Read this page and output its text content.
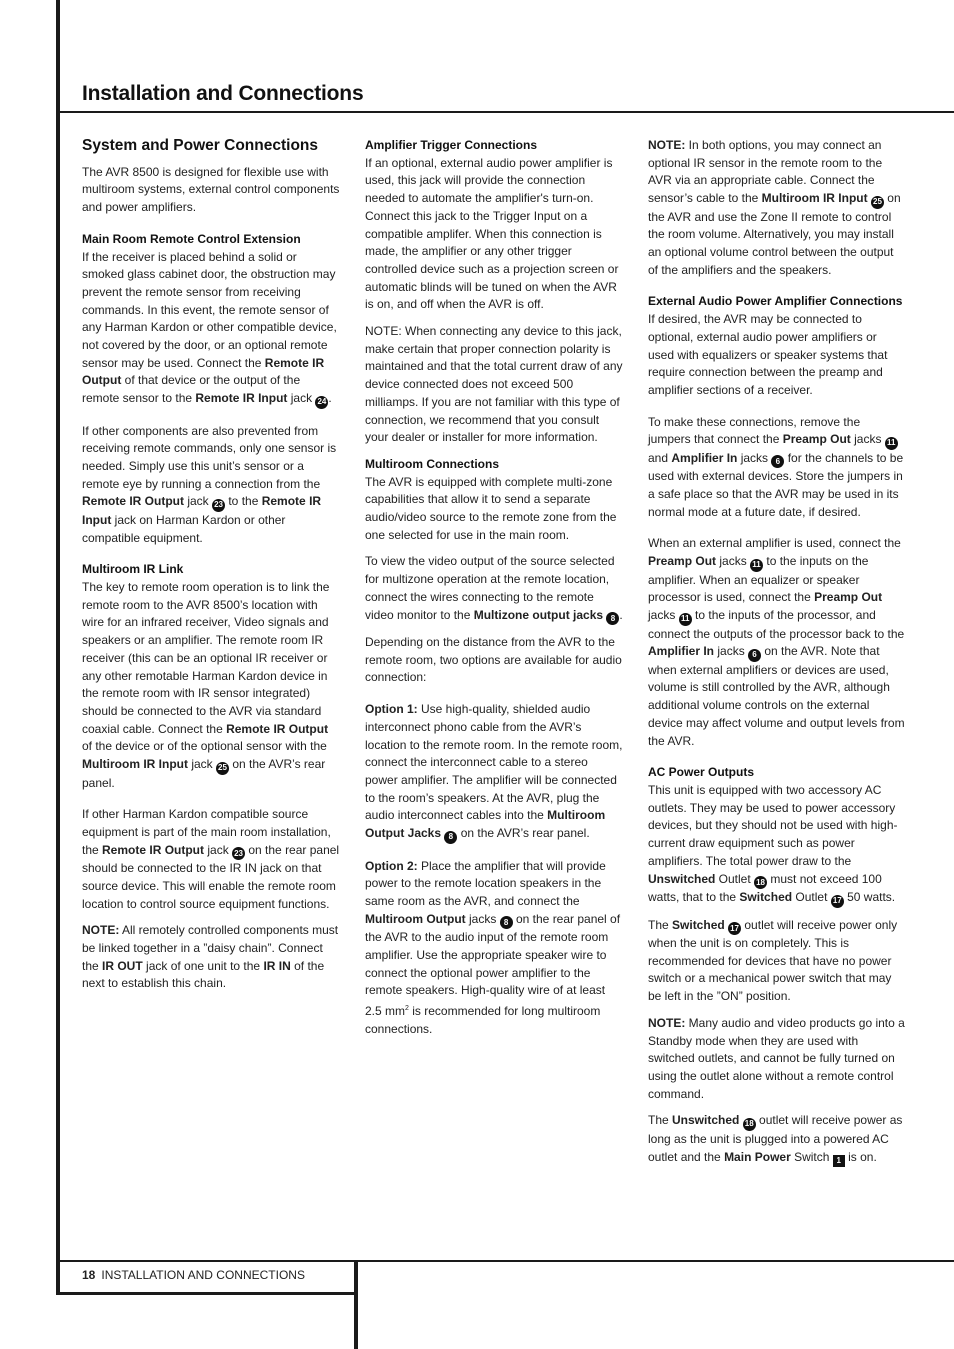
Installation and Connections
System and Power Connections

The AVR 8500 is designed for flexible use with multiroom systems, external control components and power amplifiers.

Main Room Remote Control Extension

If the receiver is placed behind a solid or smoked glass cabinet door, the obstruction may prevent the remote sensor from receiving commands. In this event, the remote sensor of any Harman Kardon or other compatible device, not covered by the door, or an optional remote sensor may be used. Connect the Remote IR Output of that device or the output of the remote sensor to the Remote IR Input jack 24 .

If other components are also prevented from receiving remote commands, only one sensor is needed. Simply use this unit’s sensor or a remote eye by running a connection from the Remote IR Output jack 23 to the Remote IR Input jack on Harman Kardon or other compatible equipment.

Multiroom IR Link

The key to remote room operation is to link the remote room to the AVR 8500’s location with wire for an infrared receiver, Video signals and speakers or an amplifier. The remote room IR receiver (this can be an optional IR receiver or any other remotable Harman Kardon device in the remote room with IR sensor integrated) should be connected to the AVR via standard coaxial cable. Connect the Remote IR Output of the device or of the optional sensor with the Multiroom IR Input jack 25 on the AVR’s rear panel.

If other Harman Kardon compatible source equipment is part of the main room installation, the Remote IR Output jack 23 on the rear panel should be connected to the IR IN jack on that source device. This will enable the remote room location to control source equipment functions.

NOTE: All remotely controlled components must be linked together in a ”daisy chain”. Connect the IR OUT jack of one unit to the IR IN of the next to establish this chain.

Amplifier Trigger Connections

If an optional, external audio power amplifier is used, this jack will provide the connection needed to automate the amplifier's turn-on. Connect this jack to the Trigger Input on a compatible amplifer. When this connection is made, the amplifier or any other trigger controlled device such as a projection screen or automatic blinds will be tuned on when the AVR is on, and off when the AVR is off.

NOTE: When connecting any device to this jack, make certain that proper connection polarity is maintained and that the total current draw of any device connected does not exceed 500 milliamps. If you are not familiar with this type of connection, we recommend that you consult your dealer or installer for more information.

Multiroom Connections

The AVR is equipped with complete multi-zone capabilities that allow it to send a separate audio/video source to the remote zone from the one selected for use in the main room.

To view the video output of the source selected for multizone operation at the remote location, connect the wires connecting to the remote video monitor to the Multizone output jacks 8 .

Depending on the distance from the AVR to the remote room, two options are available for audio connection:

Option 1: Use high-quality, shielded audio interconnect phono cable from the AVR’s location to the remote room. In the remote room, connect the interconnect cable to a stereo power amplifier. The amplifier will be connected to the room’s speakers. At the AVR, plug the audio interconnect cables into the Multiroom Output Jacks 8 on the AVR’s rear panel.

Option 2: Place the amplifier that will provide power to the remote location speakers in the same room as the AVR, and connect the Multiroom Output jacks 8 on the rear panel of the AVR to the audio input of the remote room amplifier. Use the appropriate speaker wire to connect the optional power amplifier to the remote speakers. High-quality wire of at least 2.5 $mm^2$ is recommended for long multiroom connections.

NOTE: In both options, you may connect an optional IR sensor in the remote room to the AVR via an appropriate cable. Connect the sensor’s cable to the Multiroom IR Input 25 on the AVR and use the Zone II remote to control the room volume. Alternatively, you may install an optional volume control between the output of the amplifiers and the speakers.

External Audio Power Amplifier Connections

If desired, the AVR may be connected to optional, external audio power amplifiers or used with equalizers or speaker systems that require connection between the preamp and amplifier sections of a receiver.

To make these connections, remove the jumpers that connect the Preamp Out jacks 11 and Amplifier In jacks 6 for the channels to be used with external devices. Store the jumpers in a safe place so that the AVR may be used in its normal mode at a future date, if desired.

When an external amplifier is used, connect the Preamp Out jacks 11 to the inputs on the amplifier. When an equalizer or speaker processor is used, connect the Preamp Out jacks 11 to the inputs of the processor, and connect the outputs of the processor back to the Amplifier In jacks 6 on the AVR. Note that when external amplifiers or devices are used, volume is still controlled by the AVR, although additional volume controls on the external device may affect volume and output levels from the AVR.

AC Power Outputs

This unit is equipped with two accessory AC outlets. They may be used to power accessory devices, but they should not be used with high-current draw equipment such as power amplifiers. The total power draw to the Unswitched Outlet 18 must not exceed 100 watts, that to the Switched Outlet 17 50 watts.

The Switched 17 outlet will receive power only when the unit is on completely. This is recommended for devices that have no power switch or a mechanical power switch that may be left in the ”ON” position.

NOTE: Many audio and video products go into a Standby mode when they are used with switched outlets, and cannot be fully turned on using the outlet alone without a remote control command.

The Unswitched 18 outlet will receive power as long as the unit is plugged into a powered AC outlet and the Main Power Switch 1 is on.

18 INSTALLATION AND CONNECTIONS
